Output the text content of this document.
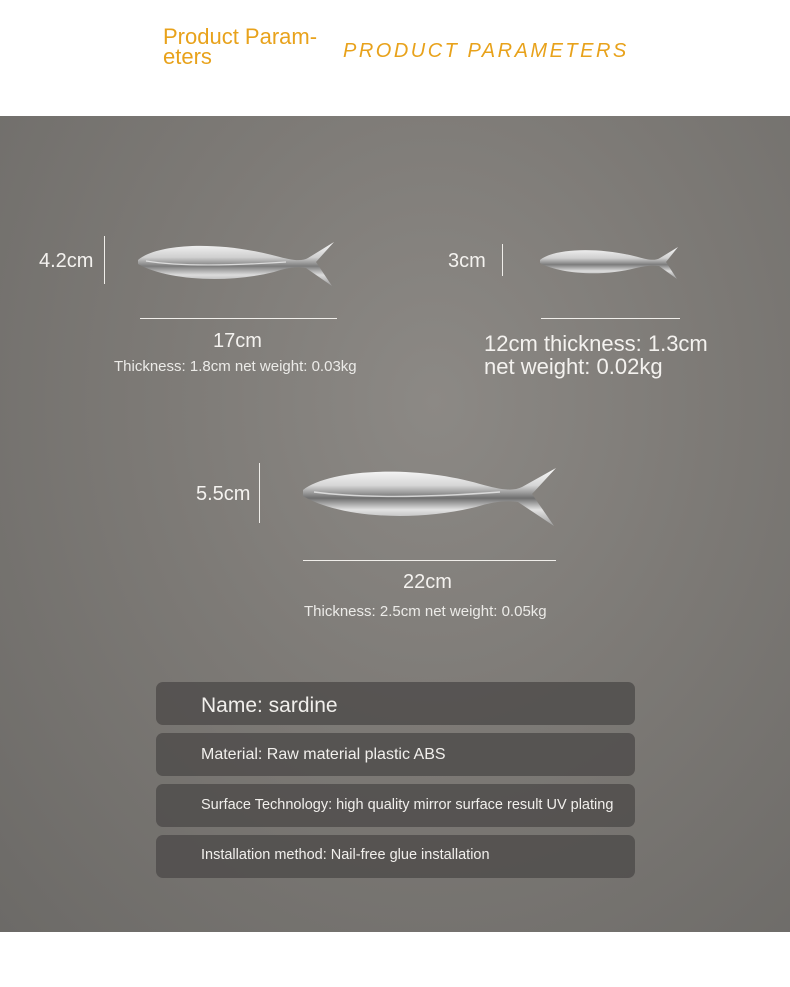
Product Param-eters	PRODUCT PARAMETERS
4.2cm
17cm
Thickness: 1.8cm net weight: 0.03kg
3cm
12cm thickness: 1.3cm net weight: 0.02kg
5.5cm
22cm
Thickness: 2.5cm net weight: 0.05kg
Name: sardine
Material: Raw material plastic ABS
Surface Technology: high quality mirror surface result UV plating
Installation method: Nail-free glue installation
